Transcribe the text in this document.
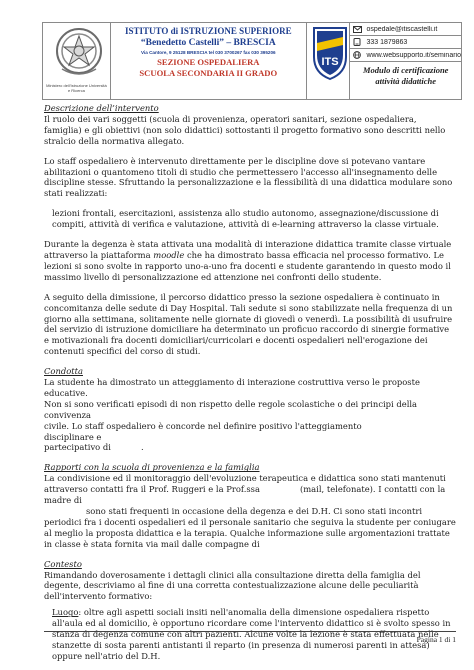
Ministero dell'Istruzione Università e Ricerca
ISTITUTO di ISTRUZIONE SUPERIORE
“Benedetto Castelli” – BRESCIA
Via Cantore, 9 25128 BRESCIA tel 030 3700267 fax 030 395206
SEZIONE OSPEDALIERA
SCUOLA SECONDARIA II GRADO
ITS
ospedale@itiscastelli.it
333 1879863
www.websupporto.it/seminario
Modulo di certificazione
attività didattiche

Descrizione dell’intervento

Il ruolo dei vari soggetti (scuola di provenienza, operatori sanitari, sezione ospedaliera, famiglia) e gli obiettivi (non solo didattici) sottostanti il progetto formativo sono descritti nello stralcio della normativa allegato.

Lo staff ospedaliero è intervenuto direttamente per le discipline dove si potevano vantare abilitazioni o quantomeno titoli di studio che permettessero l'accesso all'insegnamento delle discipline stesse. Sfruttando la personalizzazione e la flessibilità di una didattica modulare sono stati realizzati:

lezioni frontali, esercitazioni, assistenza allo studio autonomo, assegnazione/discussione di compiti, attività di verifica e valutazione, attività di e-learning attraverso la classe virtuale.

Durante la degenza è stata attivata una modalità di interazione didattica tramite classe virtuale attraverso la piattaforma moodle che ha dimostrato bassa efficacia nel processo formativo. Le lezioni si sono svolte in rapporto uno-a-uno fra docenti e studente garantendo in questo modo il massimo livello di personalizzazione ed attenzione nei confronti dello studente.

A seguito della dimissione, il percorso didattico presso la sezione ospedaliera è continuato in concomitanza delle sedute di Day Hospital. Tali sedute si sono stabilizzate nella frequenza di un giorno alla settimana, solitamente nelle giornate di giovedì o venerdì. La possibilità di usufruire del servizio di istruzione domiciliare ha determinato un proficuo raccordo di sinergie formative e motivazionali fra docenti domiciliari/curricolari e docenti ospedalieri nell'erogazione dei contenuti specifici del corso di studi.

Condotta

La studente ha dimostrato un atteggiamento di interazione costruttiva verso le proposte educative.
Non si sono verificati episodi di non rispetto delle regole scolastiche o dei principi della convivenza
civile. Lo staff ospedaliero è concorde nel definire positivo l'atteggiamentodisciplinare e
partecipativo di	.

Rapporti con la scuola di provenienza e la famiglia

La condivisione ed il monitoraggio dell'evoluzione terapeutica e didattica sono stati mantenuti
attraverso contatti fra il Prof. Ruggeri e la Prof.ssa	(mail, telefonate). I contatti con la madre di
sono stati frequenti in occasione della degenza e dei D.H. Ci sono stati incontri periodici fra i docenti ospedalieri ed il personale sanitario che seguiva la studente per coniugare al meglio la proposta didattica e la terapia. Qualche informazione sulle argomentazioni trattate in classe è stata fornita via mail dalle compagne di

Contesto

Rimandando doverosamente i dettagli clinici alla consultazione diretta della famiglia del degente, descriviamo al fine di una corretta contestualizzazione alcune delle peculiarità dell'intervento formativo:

Luogo: oltre agli aspetti sociali insiti nell'anomalia della dimensione ospedaliera rispetto all'aula ed al domicilio, è opportuno ricordare come l'intervento didattico si è svolto spesso in stanza di degenza comune con altri pazienti. Alcune volte la lezione è stata effettuata nelle stanzette di sosta parenti antistanti il reparto (in presenza di numerosi parenti in attesa) oppure nell'atrio del D.H.

Pagina 1 di 1
